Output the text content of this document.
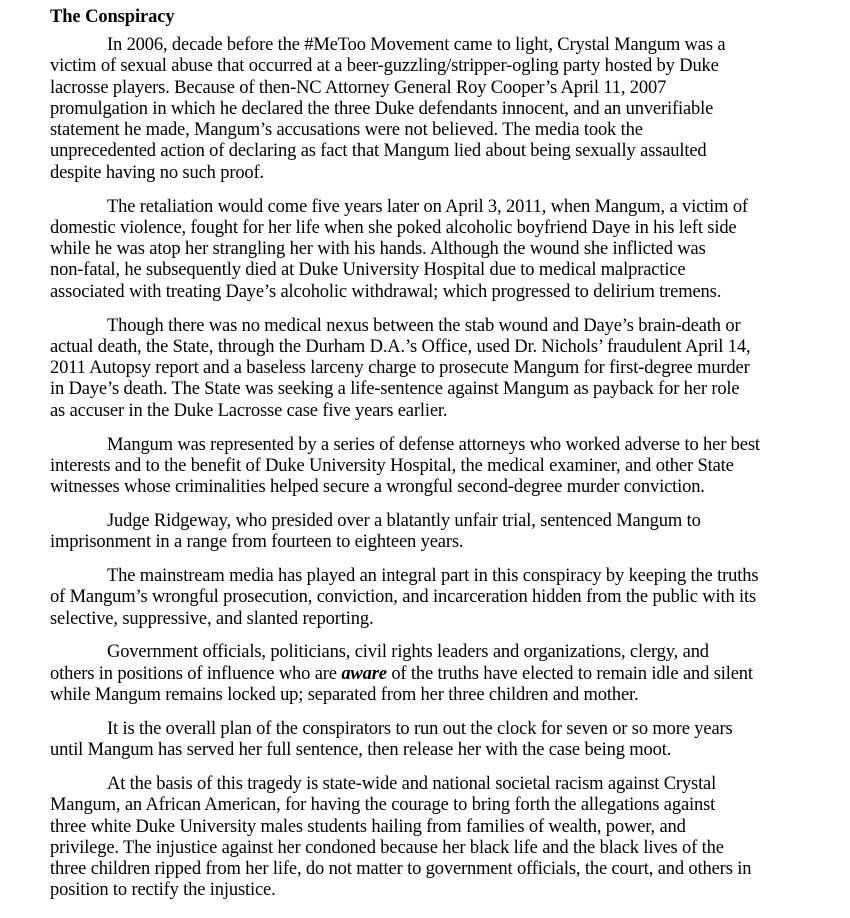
The Conspiracy
In 2006, decade before the #MeToo Movement came to light, Crystal Mangum was a
victim of sexual abuse that occurred at a beer-guzzling/stripper-ogling party hosted by Duke
lacrosse players. Because of then-NC Attorney General Roy Cooper’s April 11, 2007
promulgation in which he declared the three Duke defendants innocent, and an unverifiable
statement he made, Mangum’s accusations were not believed. The media took the
unprecedented action of declaring as fact that Mangum lied about being sexually assaulted
despite having no such proof.
The retaliation would come five years later on April 3, 2011, when Mangum, a victim of
domestic violence, fought for her life when she poked alcoholic boyfriend Daye in his left side
while he was atop her strangling her with his hands. Although the wound she inflicted was
non-fatal, he subsequently died at Duke University Hospital due to medical malpractice
associated with treating Daye’s alcoholic withdrawal; which progressed to delirium tremens.
Though there was no medical nexus between the stab wound and Daye’s brain-death or
actual death, the State, through the Durham D.A.’s Office, used Dr. Nichols’ fraudulent April 14,
2011 Autopsy report and a baseless larceny charge to prosecute Mangum for first-degree murder
in Daye’s death. The State was seeking a life-sentence against Mangum as payback for her role
as accuser in the Duke Lacrosse case five years earlier.
Mangum was represented by a series of defense attorneys who worked adverse to her best
interests and to the benefit of Duke University Hospital, the medical examiner, and other State
witnesses whose criminalities helped secure a wrongful second-degree murder conviction.
Judge Ridgeway, who presided over a blatantly unfair trial, sentenced Mangum to
imprisonment in a range from fourteen to eighteen years.
The mainstream media has played an integral part in this conspiracy by keeping the truths
of Mangum’s wrongful prosecution, conviction, and incarceration hidden from the public with its
selective, suppressive, and slanted reporting.
Government officials, politicians, civil rights leaders and organizations, clergy, and
others in positions of influence who are aware of the truths have elected to remain idle and silent
while Mangum remains locked up; separated from her three children and mother.
It is the overall plan of the conspirators to run out the clock for seven or so more years
until Mangum has served her full sentence, then release her with the case being moot.
At the basis of this tragedy is state-wide and national societal racism against Crystal
Mangum, an African American, for having the courage to bring forth the allegations against
three white Duke University males students hailing from families of wealth, power, and
privilege. The injustice against her condoned because her black life and the black lives of the
three children ripped from her life, do not matter to government officials, the court, and others in
position to rectify the injustice.
